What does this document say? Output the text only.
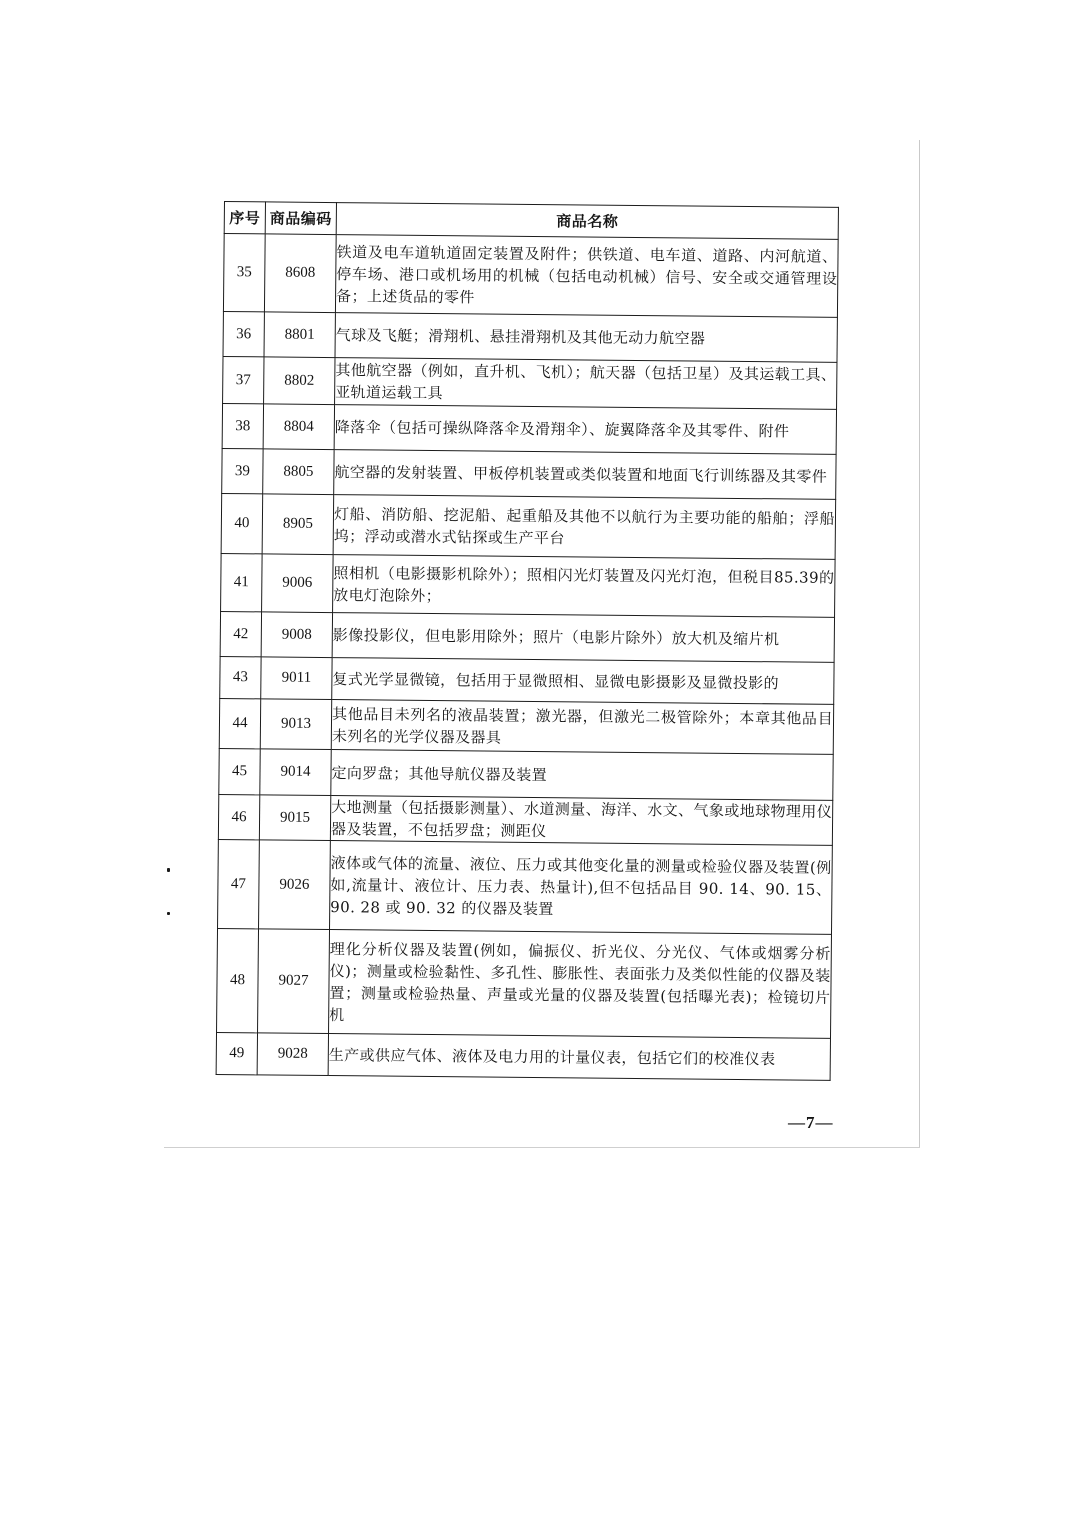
序号	商品编码	商品名称
35	8608	铁道及电车道轨道固定装置及附件；供铁道、电车道、道路、内河航道、停车场、港口或机场用的机械（包括电动机械）信号、安全或交通管理设备；上述货品的零件
36	8801	气球及飞艇；滑翔机、悬挂滑翔机及其他无动力航空器
37	8802	其他航空器（例如，直升机、飞机）；航天器（包括卫星）及其运载工具、亚轨道运载工具
38	8804	降落伞（包括可操纵降落伞及滑翔伞）、旋翼降落伞及其零件、附件
39	8805	航空器的发射装置、甲板停机装置或类似装置和地面飞行训练器及其零件
40	8905	灯船、消防船、挖泥船、起重船及其他不以航行为主要功能的船舶；浮船坞；浮动或潜水式钻探或生产平台
41	9006	照相机（电影摄影机除外）；照相闪光灯装置及闪光灯泡，但税目85.39的放电灯泡除外；
42	9008	影像投影仪，但电影用除外；照片（电影片除外）放大机及缩片机
43	9011	复式光学显微镜，包括用于显微照相、显微电影摄影及显微投影的
44	9013	其他品目未列名的液晶装置；激光器，但激光二极管除外；本章其他品目未列名的光学仪器及器具
45	9014	定向罗盘；其他导航仪器及装置
46	9015	大地测量（包括摄影测量）、水道测量、海洋、水文、气象或地球物理用仪器及装置，不包括罗盘；测距仪
47	9026	液体或气体的流量、液位、压力或其他变化量的测量或检验仪器及装置(例如,流量计、液位计、压力表、热量计),但不包括品目 90. 14、90. 15、90. 28 或 90. 32 的仪器及装置
48	9027	理化分析仪器及装置(例如，偏振仪、折光仪、分光仪、气体或烟雾分析仪)；测量或检验黏性、多孔性、膨胀性、表面张力及类似性能的仪器及装置；测量或检验热量、声量或光量的仪器及装置(包括曝光表)；检镜切片机
49	9028	生产或供应气体、液体及电力用的计量仪表，包括它们的校准仪表
—7—
